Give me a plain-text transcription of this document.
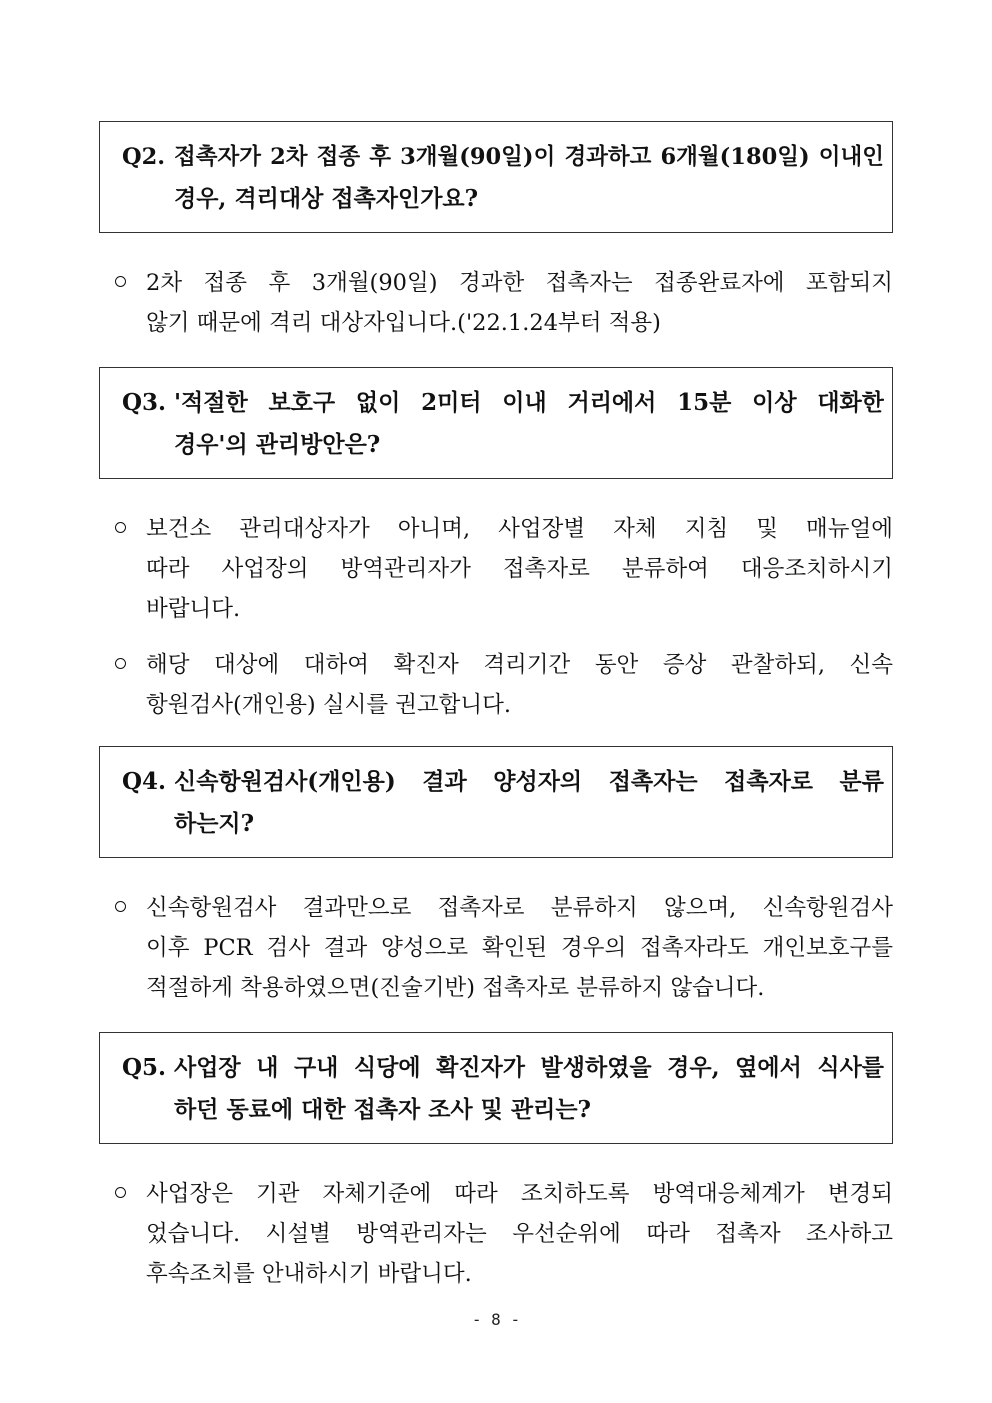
Q2. 접촉자가 2차 접종 후 3개월(90일)이 경과하고 6개월(180일) 이내인
경우, 격리대상 접촉자인가요?
2차 접종 후 3개월(90일) 경과한 접촉자는 접종완료자에 포함되지
않기 때문에 격리 대상자입니다.('22.1.24부터 적용)
Q3. '적절한 보호구 없이 2미터 이내 거리에서 15분 이상 대화한
경우'의 관리방안은?
보건소 관리대상자가 아니며, 사업장별 자체 지침 및 매뉴얼에
따라 사업장의 방역관리자가 접촉자로 분류하여 대응조치하시기
바랍니다.
해당 대상에 대하여 확진자 격리기간 동안 증상 관찰하되, 신속
항원검사(개인용) 실시를 권고합니다.
Q4. 신속항원검사(개인용) 결과 양성자의 접촉자는 접촉자로 분류
하는지?
신속항원검사 결과만으로 접촉자로 분류하지 않으며, 신속항원검사
이후 PCR 검사 결과 양성으로 확인된 경우의 접촉자라도 개인보호구를
적절하게 착용하였으면(진술기반) 접촉자로 분류하지 않습니다.
Q5. 사업장 내 구내 식당에 확진자가 발생하였을 경우, 옆에서 식사를
하던 동료에 대한 접촉자 조사 및 관리는?
사업장은 기관 자체기준에 따라 조치하도록 방역대응체계가 변경되
었습니다. 시설별 방역관리자는 우선순위에 따라 접촉자 조사하고
후속조치를 안내하시기 바랍니다.
- 8 -
